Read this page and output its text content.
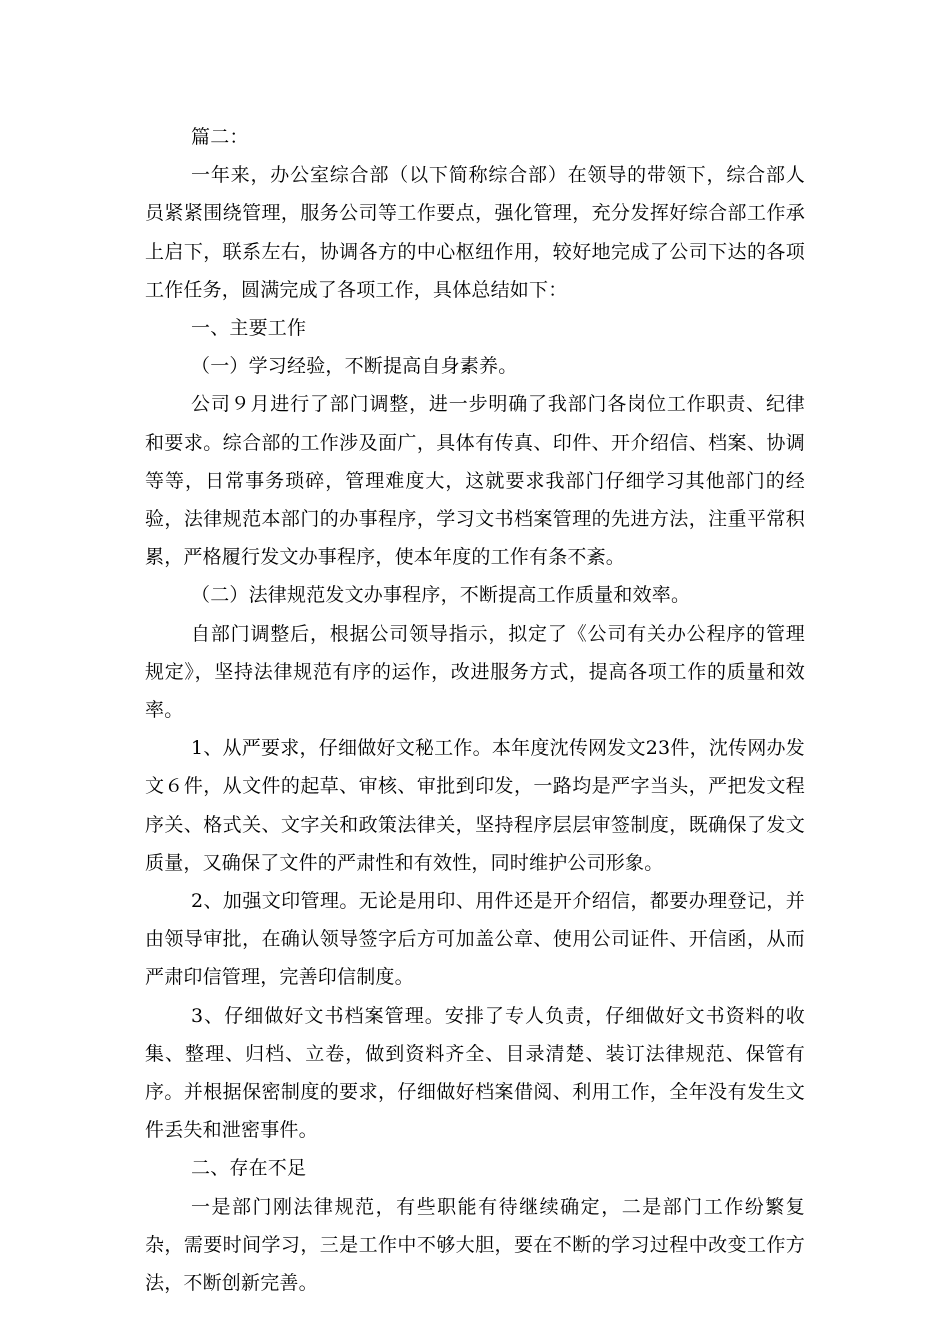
篇二：

一年来，办公室综合部（以下简称综合部）在领导的带领下，综合部人员紧紧围绕管理，服务公司等工作要点，强化管理，充分发挥好综合部工作承上启下，联系左右，协调各方的中心枢纽作用，较好地完成了公司下达的各项工作任务，圆满完成了各项工作，具体总结如下：

一、主要工作

（一）学习经验，不断提高自身素养。

公司９月进行了部门调整，进一步明确了我部门各岗位工作职责、纪律和要求。综合部的工作涉及面广，具体有传真、印件、开介绍信、档案、协调等等，日常事务琐碎，管理难度大，这就要求我部门仔细学习其他部门的经验，法律规范本部门的办事程序，学习文书档案管理的先进方法，注重平常积累，严格履行发文办事程序，使本年度的工作有条不紊。

（二）法律规范发文办事程序，不断提高工作质量和效率。

自部门调整后，根据公司领导指示，拟定了《公司有关办公程序的管理规定》，坚持法律规范有序的运作，改进服务方式，提高各项工作的质量和效率。

1、从严要求，仔细做好文秘工作。本年度沈传网发文23件，沈传网办发文６件，从文件的起草、审核、审批到印发，一路均是严字当头，严把发文程序关、格式关、文字关和政策法律关，坚持程序层层审签制度，既确保了发文质量，又确保了文件的严肃性和有效性，同时维护公司形象。

2、加强文印管理。无论是用印、用件还是开介绍信，都要办理登记，并由领导审批，在确认领导签字后方可加盖公章、使用公司证件、开信函，从而严肃印信管理，完善印信制度。

3、仔细做好文书档案管理。安排了专人负责，仔细做好文书资料的收集、整理、归档、立卷，做到资料齐全、目录清楚、装订法律规范、保管有序。并根据保密制度的要求，仔细做好档案借阅、利用工作，全年没有发生文件丢失和泄密事件。

二、存在不足

一是部门刚法律规范，有些职能有待继续确定，二是部门工作纷繁复杂，需要时间学习，三是工作中不够大胆，要在不断的学习过程中改变工作方法，不断创新完善。
